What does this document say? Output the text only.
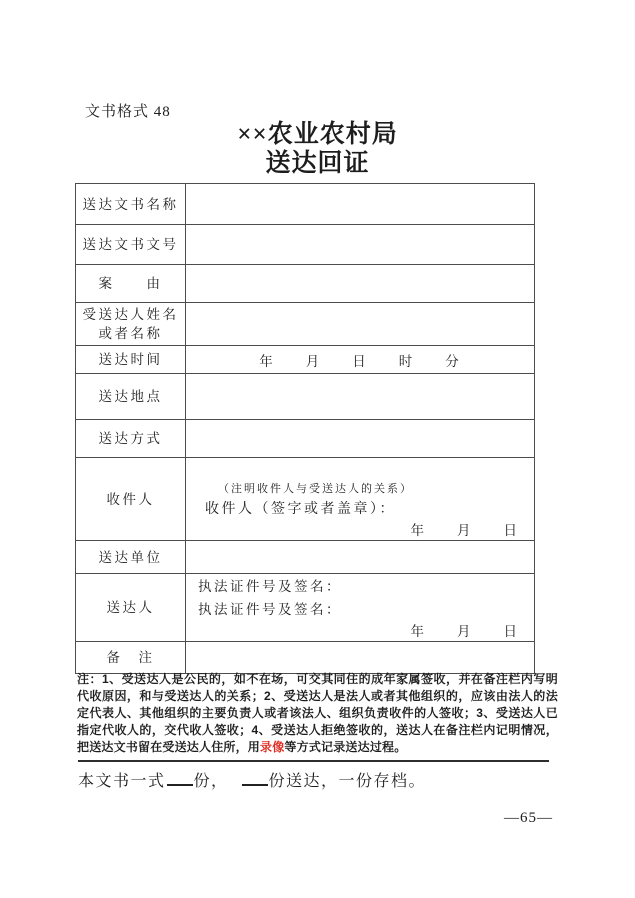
文书格式 48
××农业农村局
送达回证
送达文书名称	
送达文书文号	
案　　由	

受送达人姓名
或者名称	

送达时间	年　　月　　日　　时　　分
送达地点	
送达方式	
收件人	（注明收件人与受送达人的关系）
收件人（签字或者盖章）：
年　　月　　日

送达单位	
送达人	执法证件号及签名：
执法证件号及签名：
年　　月　　日

备　注	

注：1、受送达人是公民的，如不在场，可交其同住的成年家属签收，并在备注栏内写明代收原因，和与受送达人的关系；2、受送达人是法人或者其他组织的，应该由法人的法定代表人、其他组织的主要负责人或者该法人、组织负责收件的人签收；3、受送达人已指定代收人的，交代收人签收；4、受送达人拒绝签收的，送达人在备注栏内记明情况，把送达文书留在受送达人住所，用录像等方式记录送达过程。

本文书一式 份，	份送达，一份存档。
—65—
